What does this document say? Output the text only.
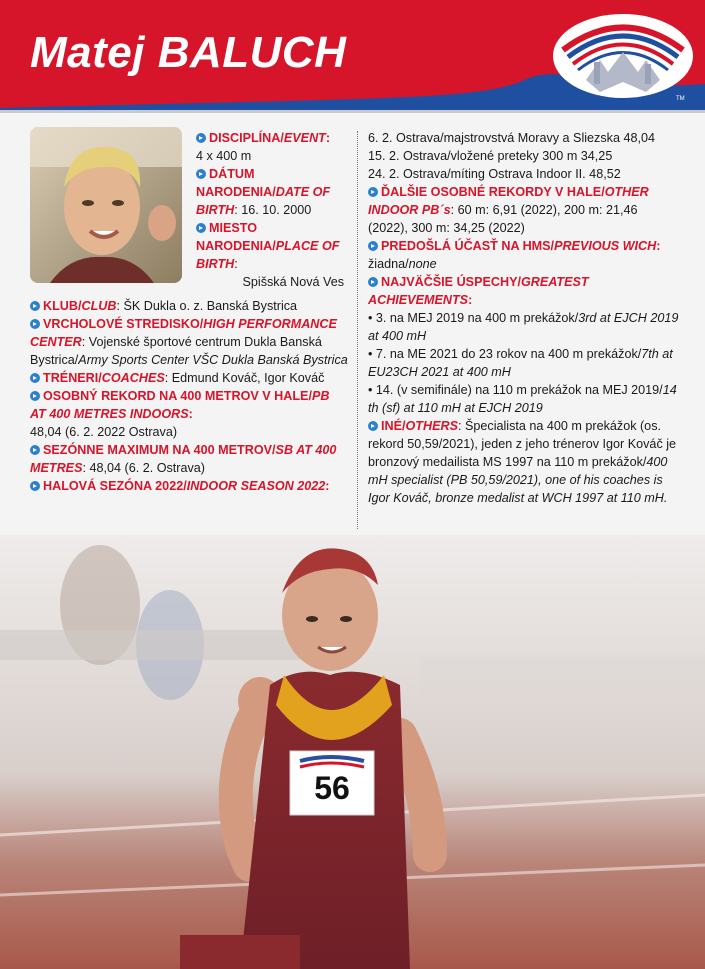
Matej BALUCH
TM
DISCIPLÍNA/EVENT:
4 x 400 m
DÁTUM NARODENIA/DATE OF BIRTH: 16. 10. 2000
MIESTO NARODENIA/PLACE OF BIRTH:

Spišská Nová Ves
KLUB/CLUB: ŠK Dukla o. z. Banská Bystrica
VRCHOLOVÉ STREDISKO/HIGH PERFORMANCE CENTER: Vojenské športové centrum Dukla Banská Bystrica/Army Sports Center VŠC Dukla Banská Bystrica
TRÉNERI/COACHES: Edmund Kováč, Igor Kováč
OSOBNÝ REKORD NA 400 METROV V HALE/PB AT 400 METRES INDOORS:
48,04 (6. 2. 2022 Ostrava)
SEZÓNNE MAXIMUM NA 400 METROV/SB AT 400 METRES: 48,04 (6. 2. Ostrava)
HALOVÁ SEZÓNA 2022/INDOOR SEASON 2022:
6. 2. Ostrava/majstrovstvá Moravy a Sliezska 48,04
15. 2. Ostrava/vložené preteky 300 m 34,25
24. 2. Ostrava/míting Ostrava Indoor II. 48,52
ĎALŠIE OSOBNÉ REKORDY V HALE/OTHER INDOOR PB´s: 60 m: 6,91 (2022), 200 m: 21,46 (2022), 300 m: 34,25 (2022)
PREDOŠLÁ ÚČASŤ NA HMS/PREVIOUS WICH:
žiadna/none
NAJVÄČŠIE ÚSPECHY/GREATEST ACHIEVEMENTS:
• 3. na MEJ 2019 na 400 m prekážok/3rd at EJCH 2019 at 400 mH
• 7. na ME 2021 do 23 rokov na 400 m prekážok/7th at EU23CH 2021 at 400 mH
• 14. (v semifinále) na 110 m prekážok na MEJ 2019/14 th (sf) at 110 mH at EJCH 2019
INÉ/OTHERS: Špecialista na 400 m prekážok (os. rekord 50,59/2021), jeden z jeho trénerov Igor Kováč je bronzový medailista MS 1997 na 110 m prekážok/400 mH specialist (PB 50,59/2021), one of his coaches is Igor Kováč, bronze medalist at WCH 1997 at 110 mH.
56
